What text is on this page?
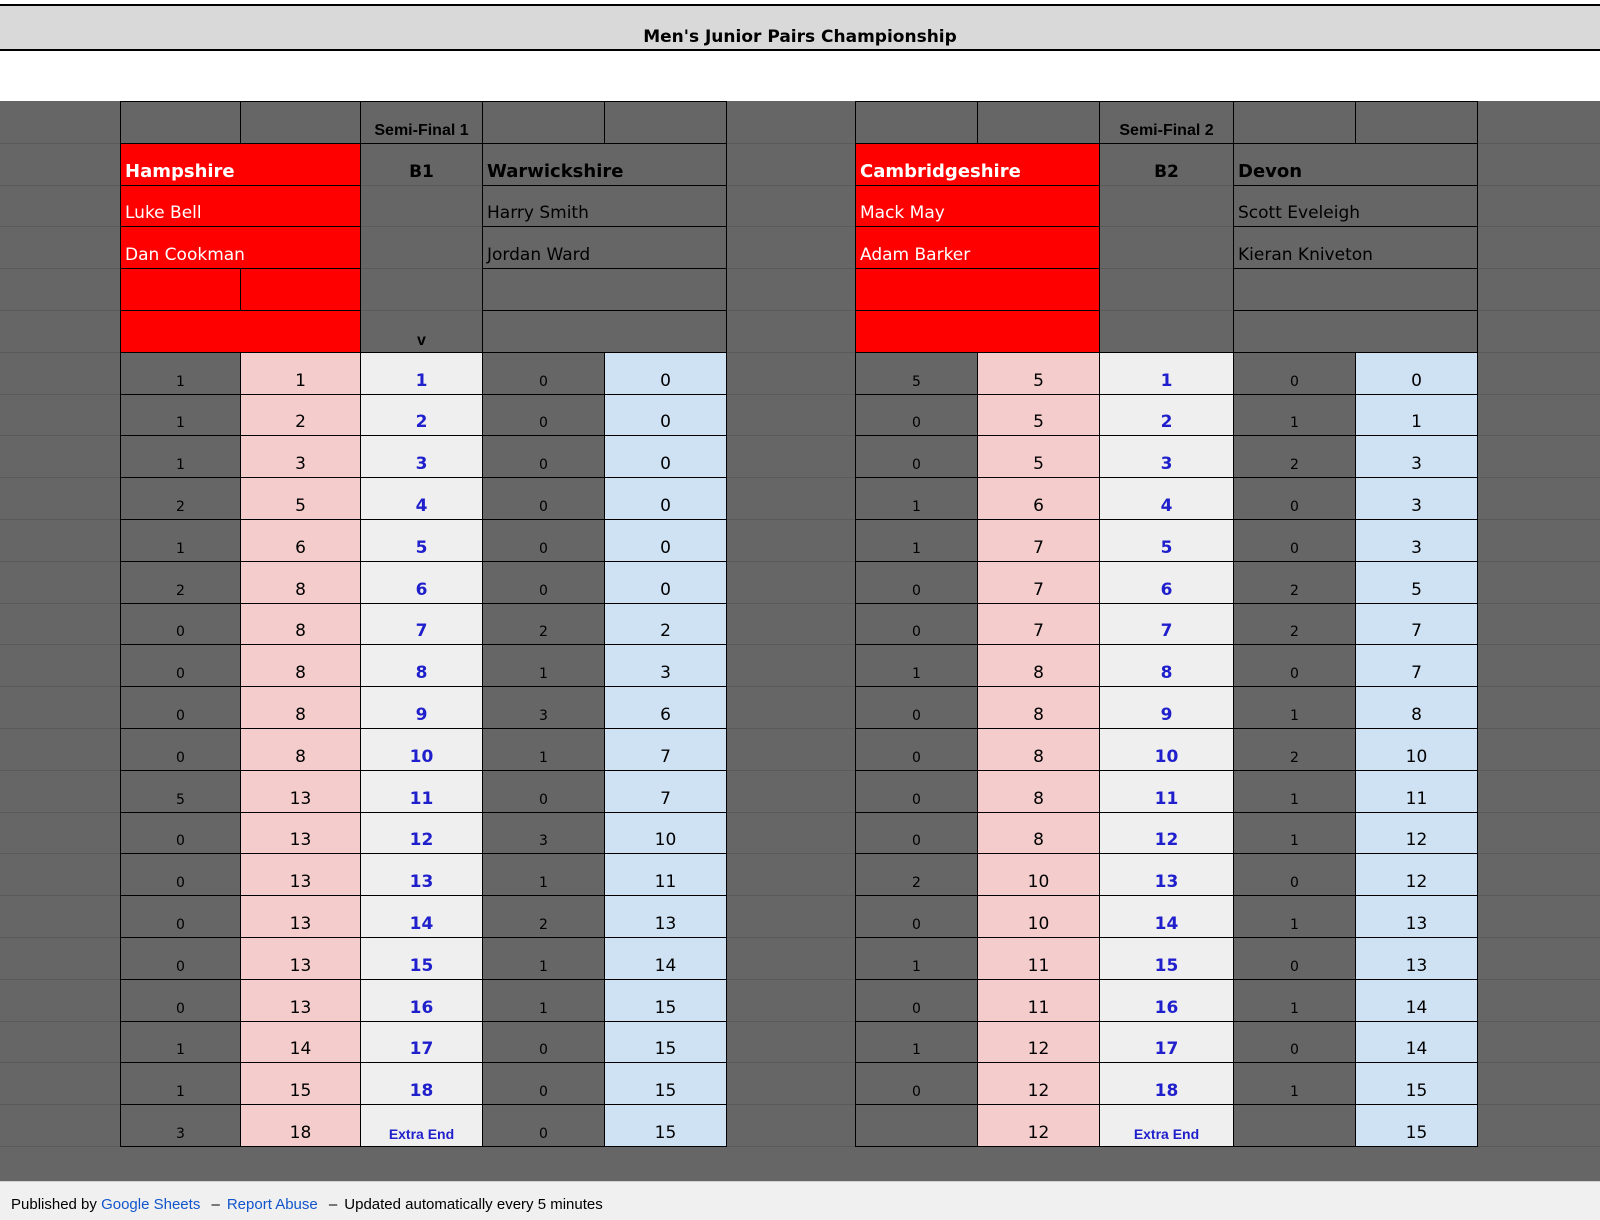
Men's Junior Pairs Championship
		Semi-Final 1		
Hampshire		B1	Warwickshire	
Luke Bell			Harry Smith	
Dan Cookman			Jordan Ward	

		v		
1	1	1	0	0
1	2	2	0	0
1	3	3	0	0
2	5	4	0	0
1	6	5	0	0
2	8	6	0	0
0	8	7	2	2
0	8	8	1	3
0	8	9	3	6
0	8	10	1	7
5	13	11	0	7
0	13	12	3	10
0	13	13	1	11
0	13	14	2	13
0	13	15	1	14
0	13	16	1	15
1	14	17	0	15
1	15	18	0	15
3	18	Extra End	0	15
		Semi-Final 2		
Cambridgeshire		B2	Devon	
Mack May			Scott Eveleigh	
Adam Barker			Kieran Kniveton	

5	5	1	0	0
0	5	2	1	1
0	5	3	2	3
1	6	4	0	3
1	7	5	0	3
0	7	6	2	5
0	7	7	2	7
1	8	8	0	7
0	8	9	1	8
0	8	10	2	10
0	8	11	1	11
0	8	12	1	12
2	10	13	0	12
0	10	14	1	13
1	11	15	0	13
0	11	16	1	14
1	12	17	0	14
0	12	18	1	15
	12	Extra End		15
Published by Google Sheets – Report Abuse – Updated automatically every 5 minutes
